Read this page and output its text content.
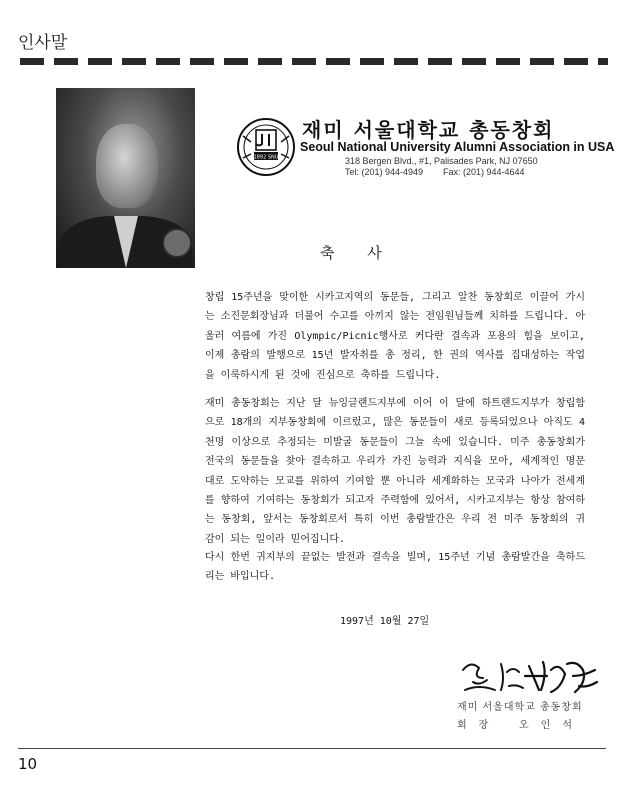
인사말
1892 SNU
재미 서울대학교 총동창회
Seoul National University Alumni Association in USA
318 Bergen Blvd., #1, Palisades Park, NJ 07650
Tel: (201) 944-4949 Fax: (201) 944-4644
축 사

창립 15주년을 맞이한 시카고지역의 동문들, 그리고 알찬 동창회로 이끌어 가시는 소진문회장님과 더불어 수고를 아끼지 않는 전임원님들께 치하를 드립니다. 아울러 여름에 가진 Olympic/Picnic행사로 커다란 결속과 포용의 힘을 보이고, 이제 총람의 발행으로 15년 발자취를 총 정리, 한 권의 역사를 집대성하는 작업을 이룩하시게 된 것에 진심으로 축하를 드립니다.

재미 총동창회는 지난 달 뉴잉글랜드지부에 이어 이 달에 하트랜드지부가 창립함으로 18개의 지부동창회에 이르렀고, 많은 동문들이 새로 등록되었으나 아직도 4천명 이상으로 추정되는 미발굴 동문들이 그늘 속에 있습니다. 미주 총동창회가 전국의 동문들을 찾아 결속하고 우리가 가진 능력과 지식을 모아, 세계적인 명문대로 도약하는 모교를 위하여 기여할 뿐 아니라 세계화하는 모국과 나아가 전세계를 향하여 기여하는 동창회가 되고자 주력함에 있어서, 시카고지부는 항상 참여하는 동창회, 앞서는 동창회로서 특히 이번 총람발간은 우리 전 미주 동창회의 귀감이 되는 일이라 믿어집니다.

다시 한번 귀지부의 끝없는 발전과 결속을 빌며, 15주년 기념 총람발간을 축하드리는 바입니다.

1997년 10월 27일
재미 서울대학교 총동창회
회장 오인석
10
